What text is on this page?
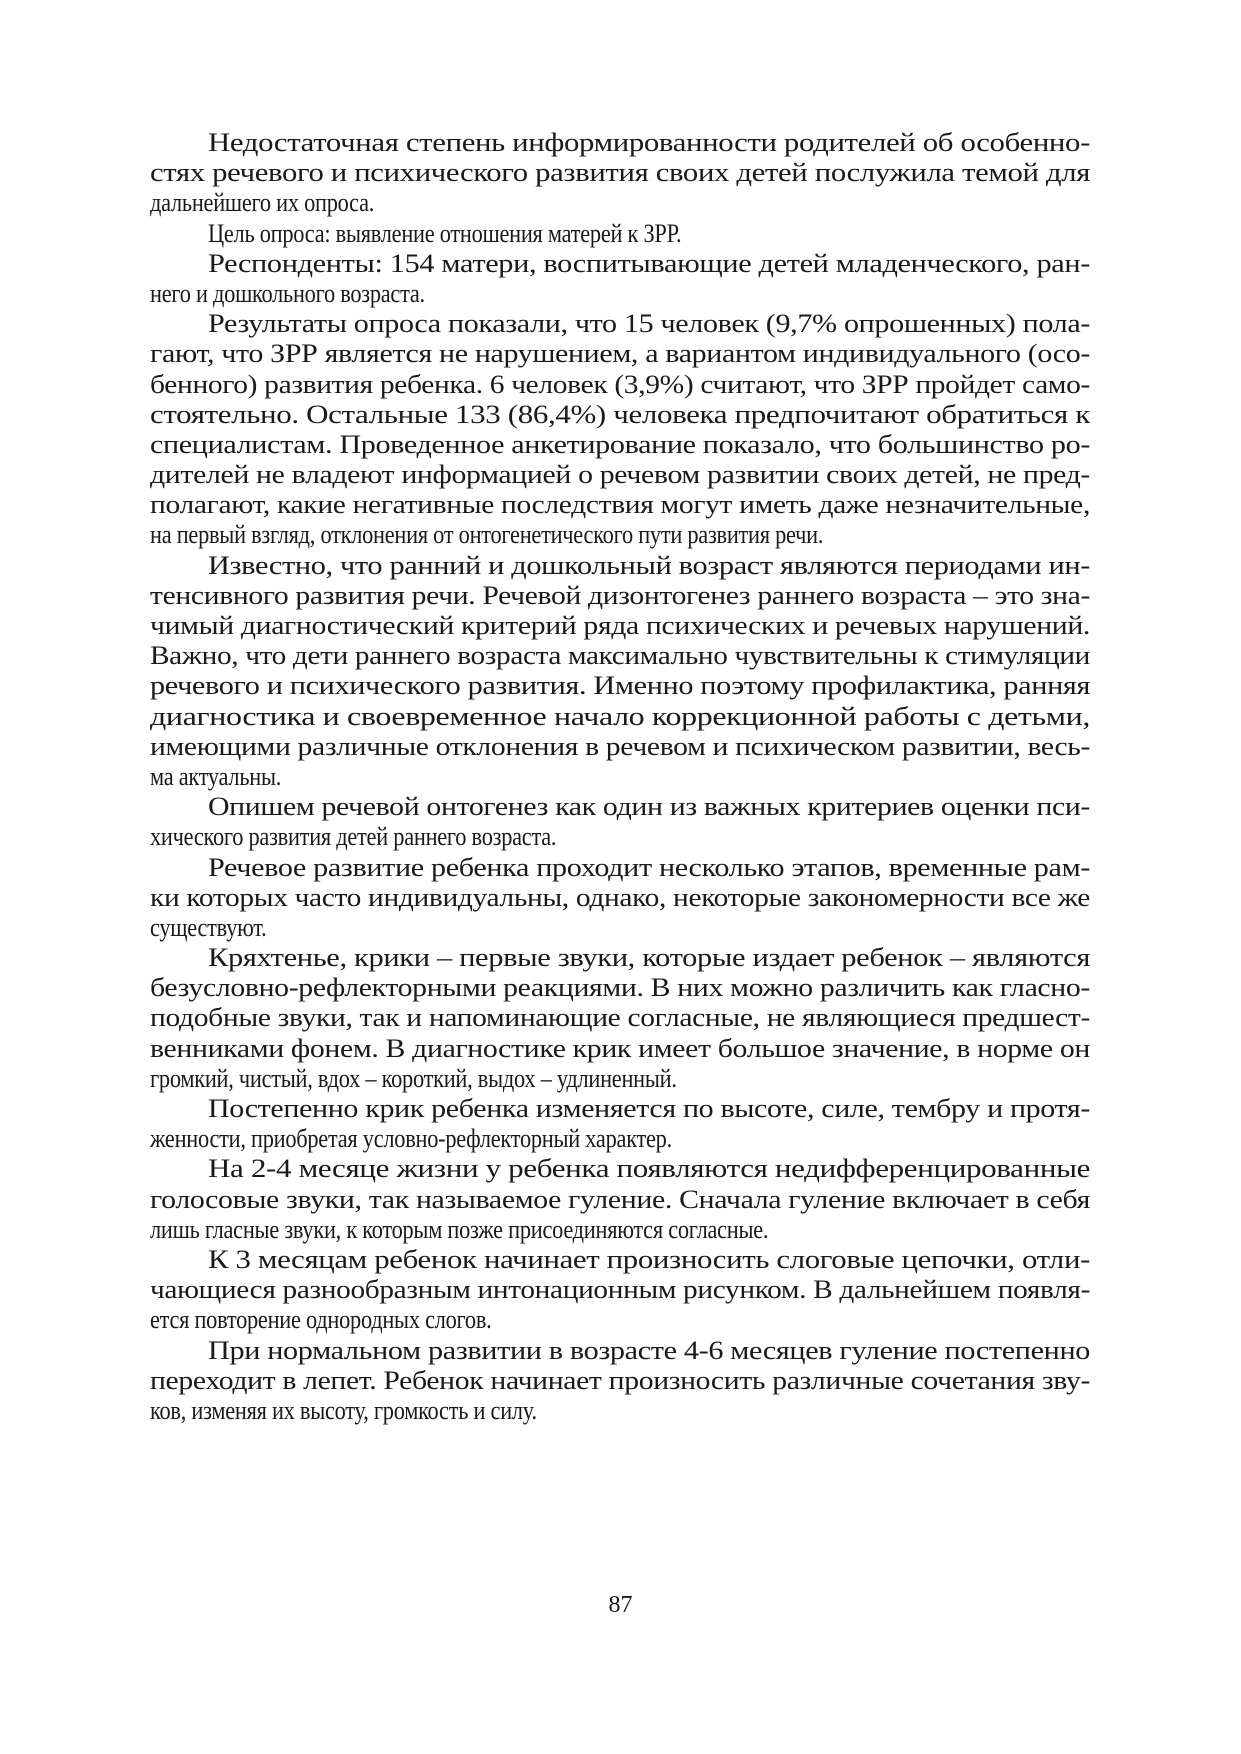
Недостаточная степень информированности родителей об особенно-
стях речевого и психического развития своих детей послужила темой для
дальнейшего их опроса.
Цель опроса: выявление отношения матерей к ЗРР.
Респонденты: 154 матери, воспитывающие детей младенческого, ран-
него и дошкольного возраста.
Результаты опроса показали, что 15 человек (9,7% опрошенных) пола-
гают, что ЗРР является не нарушением, а вариантом индивидуального (осо-
бенного) развития ребенка. 6 человек (3,9%) считают, что ЗРР пройдет само-
стоятельно. Остальные 133 (86,4%) человека предпочитают обратиться к
специалистам. Проведенное анкетирование показало, что большинство ро-
дителей не владеют информацией о речевом развитии своих детей, не пред-
полагают, какие негативные последствия могут иметь даже незначительные,
на первый взгляд, отклонения от онтогенетического пути развития речи.
Известно, что ранний и дошкольный возраст являются периодами ин-
тенсивного развития речи. Речевой дизонтогенез раннего возраста – это зна-
чимый диагностический критерий ряда психических и речевых нарушений.
Важно, что дети раннего возраста максимально чувствительны к стимуляции
речевого и психического развития. Именно поэтому профилактика, ранняя
диагностика и своевременное начало коррекционной работы с детьми,
имеющими различные отклонения в речевом и психическом развитии, весь-
ма актуальны.
Опишем речевой онтогенез как один из важных критериев оценки пси-
хического развития детей раннего возраста.
Речевое развитие ребенка проходит несколько этапов, временные рам-
ки которых часто индивидуальны, однако, некоторые закономерности все же
существуют.
Кряхтенье, крики – первые звуки, которые издает ребенок – являются
безусловно-рефлекторными реакциями. В них можно различить как гласно-
подобные звуки, так и напоминающие согласные, не являющиеся предшест-
венниками фонем. В диагностике крик имеет большое значение, в норме он
громкий, чистый, вдох – короткий, выдох – удлиненный.
Постепенно крик ребенка изменяется по высоте, силе, тембру и протя-
женности, приобретая условно-рефлекторный характер.
На 2-4 месяце жизни у ребенка появляются недифференцированные
голосовые звуки, так называемое гуление. Сначала гуление включает в себя
лишь гласные звуки, к которым позже присоединяются согласные.
К 3 месяцам ребенок начинает произносить слоговые цепочки, отли-
чающиеся разнообразным интонационным рисунком. В дальнейшем появля-
ется повторение однородных слогов.
При нормальном развитии в возрасте 4-6 месяцев гуление постепенно
переходит в лепет. Ребенок начинает произносить различные сочетания зву-
ков, изменяя их высоту, громкость и силу.
87
